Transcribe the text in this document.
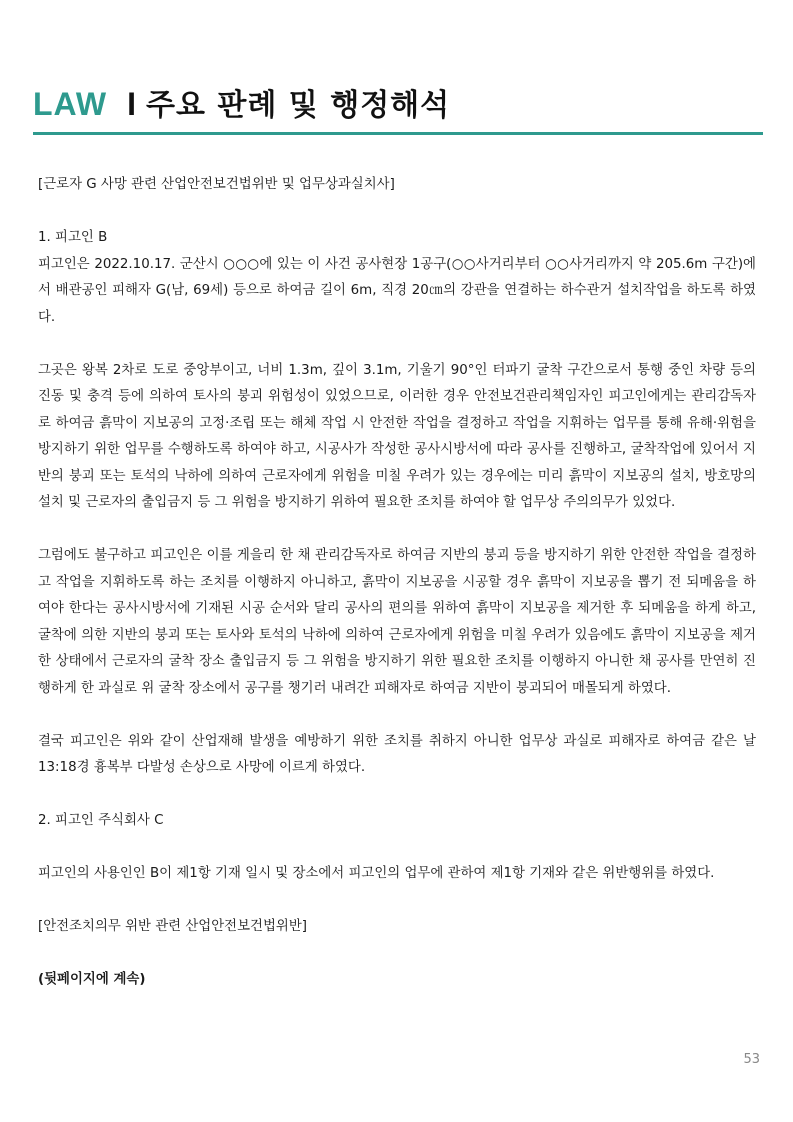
LAW I 주요 판례 및 행정해석

[근로자 G 사망 관련 산업안전보건법위반 및 업무상과실치사]

1. 피고인 B

피고인은 2022.10.17. 군산시 ○○○에 있는 이 사건 공사현장 1공구(○○사거리부터 ○○사거리까지 약 205.6m 구간)에서 배관공인 피해자 G(남, 69세) 등으로 하여금 길이 6m, 직경 20㎝의 강관을 연결하는 하수관거 설치작업을 하도록 하였다.

그곳은 왕복 2차로 도로 중앙부이고, 너비 1.3m, 깊이 3.1m, 기울기 90°인 터파기 굴착 구간으로서 통행 중인 차량 등의 진동 및 충격 등에 의하여 토사의 붕괴 위험성이 있었으므로, 이러한 경우 안전보건관리책임자인 피고인에게는 관리감독자로 하여금 흙막이 지보공의 고정·조립 또는 해체 작업 시 안전한 작업을 결정하고 작업을 지휘하는 업무를 통해 유해·위험을 방지하기 위한 업무를 수행하도록 하여야 하고, 시공사가 작성한 공사시방서에 따라 공사를 진행하고, 굴착작업에 있어서 지반의 붕괴 또는 토석의 낙하에 의하여 근로자에게 위험을 미칠 우려가 있는 경우에는 미리 흙막이 지보공의 설치, 방호망의 설치 및 근로자의 출입금지 등 그 위험을 방지하기 위하여 필요한 조치를 하여야 할 업무상 주의의무가 있었다.

그럼에도 불구하고 피고인은 이를 게을리 한 채 관리감독자로 하여금 지반의 붕괴 등을 방지하기 위한 안전한 작업을 결정하고 작업을 지휘하도록 하는 조치를 이행하지 아니하고, 흙막이 지보공을 시공할 경우 흙막이 지보공을 뽑기 전 되메움을 하여야 한다는 공사시방서에 기재된 시공 순서와 달리 공사의 편의를 위하여 흙막이 지보공을 제거한 후 되메움을 하게 하고, 굴착에 의한 지반의 붕괴 또는 토사와 토석의 낙하에 의하여 근로자에게 위험을 미칠 우려가 있음에도 흙막이 지보공을 제거한 상태에서 근로자의 굴착 장소 출입금지 등 그 위험을 방지하기 위한 필요한 조치를 이행하지 아니한 채 공사를 만연히 진행하게 한 과실로 위 굴착 장소에서 공구를 챙기러 내려간 피해자로 하여금 지반이 붕괴되어 매몰되게 하였다.

결국 피고인은 위와 같이 산업재해 발생을 예방하기 위한 조치를 취하지 아니한 업무상 과실로 피해자로 하여금 같은 날 13:18경 흉복부 다발성 손상으로 사망에 이르게 하였다.

2. 피고인 주식회사 C

피고인의 사용인인 B이 제1항 기재 일시 및 장소에서 피고인의 업무에 관하여 제1항 기재와 같은 위반행위를 하였다.

[안전조치의무 위반 관련 산업안전보건법위반]

(뒷페이지에 계속)

53
